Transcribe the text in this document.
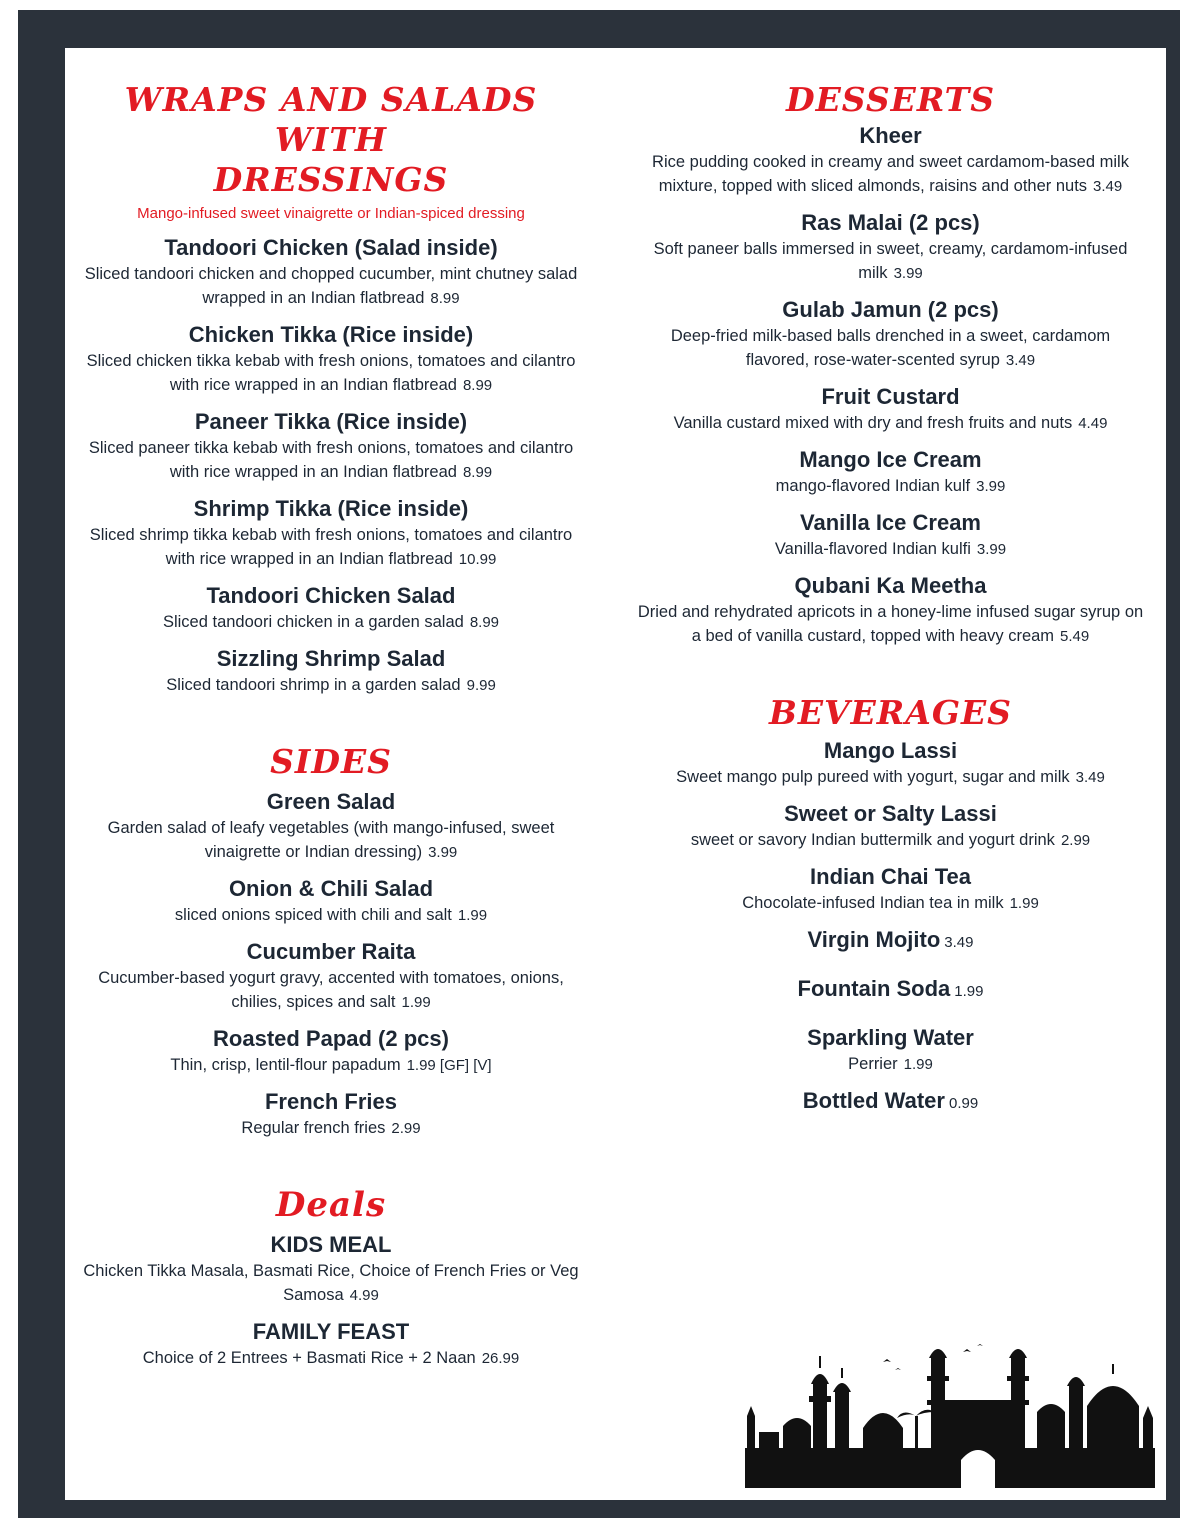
WRAPS AND SALADS WITH
DRESSINGS
Mango-infused sweet vinaigrette or Indian-spiced dressing
Tandoori Chicken (Salad inside)
Sliced tandoori chicken and chopped cucumber, mint chutney salad wrapped in an Indian flatbread 8.99
Chicken Tikka (Rice inside)
Sliced chicken tikka kebab with fresh onions, tomatoes and cilantro with rice wrapped in an Indian flatbread 8.99
Paneer Tikka (Rice inside)
Sliced paneer tikka kebab with fresh onions, tomatoes and cilantro with rice wrapped in an Indian flatbread 8.99
Shrimp Tikka (Rice inside)
Sliced shrimp tikka kebab with fresh onions, tomatoes and cilantro with rice wrapped in an Indian flatbread 10.99
Tandoori Chicken Salad
Sliced tandoori chicken in a garden salad 8.99
Sizzling Shrimp Salad
Sliced tandoori shrimp in a garden salad 9.99
SIDES
Green Salad
Garden salad of leafy vegetables (with mango-infused, sweet vinaigrette or Indian dressing) 3.99
Onion & Chili Salad
sliced onions spiced with chili and salt 1.99
Cucumber Raita
Cucumber-based yogurt gravy, accented with tomatoes, onions, chilies, spices and salt 1.99
Roasted Papad (2 pcs)
Thin, crisp, lentil-flour papadum 1.99 [GF] [V]
French Fries
Regular french fries 2.99
Deals
KIDS MEAL
Chicken Tikka Masala, Basmati Rice, Choice of French Fries or Veg Samosa 4.99
FAMILY FEAST
Choice of 2 Entrees + Basmati Rice + 2 Naan 26.99
DESSERTS
Kheer
Rice pudding cooked in creamy and sweet cardamom-based milk mixture, topped with sliced almonds, raisins and other nuts 3.49
Ras Malai (2 pcs)
Soft paneer balls immersed in sweet, creamy, cardamom-infused milk 3.99
Gulab Jamun (2 pcs)
Deep-fried milk-based balls drenched in a sweet, cardamom flavored, rose-water-scented syrup 3.49
Fruit Custard
Vanilla custard mixed with dry and fresh fruits and nuts 4.49
Mango Ice Cream
mango-flavored Indian kulf 3.99
Vanilla Ice Cream
Vanilla-flavored Indian kulfi 3.99
Qubani Ka Meetha
Dried and rehydrated apricots in a honey-lime infused sugar syrup on a bed of vanilla custard, topped with heavy cream 5.49
BEVERAGES
Mango Lassi
Sweet mango pulp pureed with yogurt, sugar and milk 3.49
Sweet or Salty Lassi
sweet or savory Indian buttermilk and yogurt drink 2.99
Indian Chai Tea
Chocolate-infused Indian tea in milk 1.99
Virgin Mojito 3.49
Fountain Soda 1.99
Sparkling Water
Perrier 1.99
Bottled Water 0.99
